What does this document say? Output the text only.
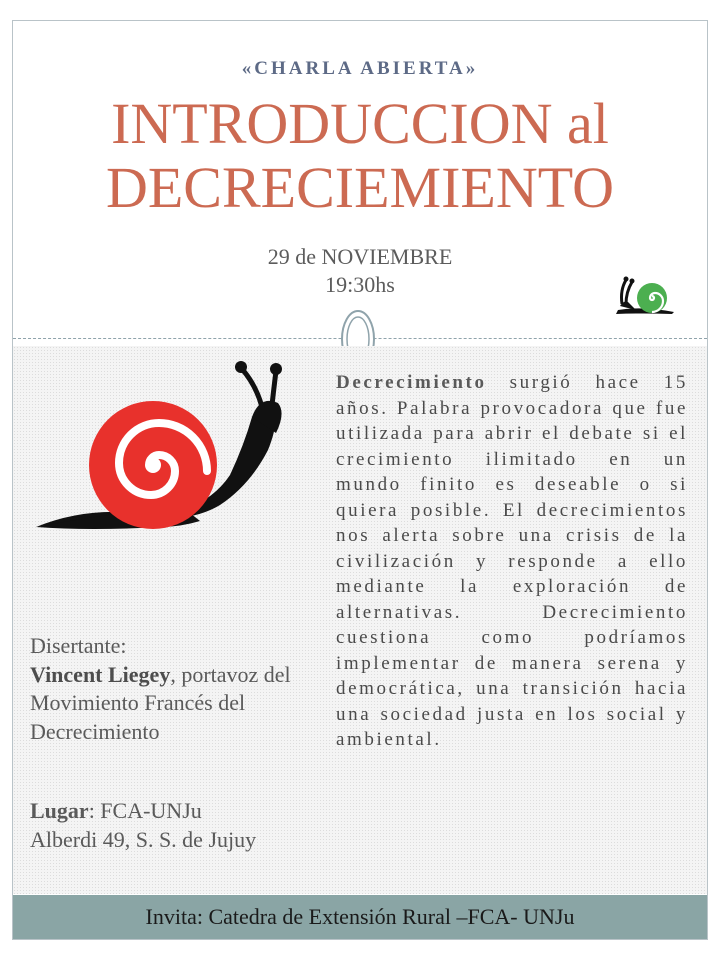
«CHARLA ABIERTA»
INTRODUCCION al
DECRECIEMIENTO
29 de NOVIEMBRE
19:30hs
Decrecimiento surgió hace 15 años. Palabra provocadora que fue utilizada para abrir el debate si el crecimiento ilimitado en un mundo finito es deseable o si quiera posible. El decrecimientos nos alerta sobre una crisis de la civilización y responde a ello mediante la exploración de alternativas. Decrecimiento cuestiona como podríamos implementar de manera serena y democrática, una transición hacia una sociedad justa en los social y ambiental.
Disertante:
Vincent Liegey, portavoz del Movimiento Francés del Decrecimiento
Lugar: FCA-UNJu
Alberdi 49, S. S. de Jujuy
Invita: Catedra de Extensión Rural –FCA- UNJu
